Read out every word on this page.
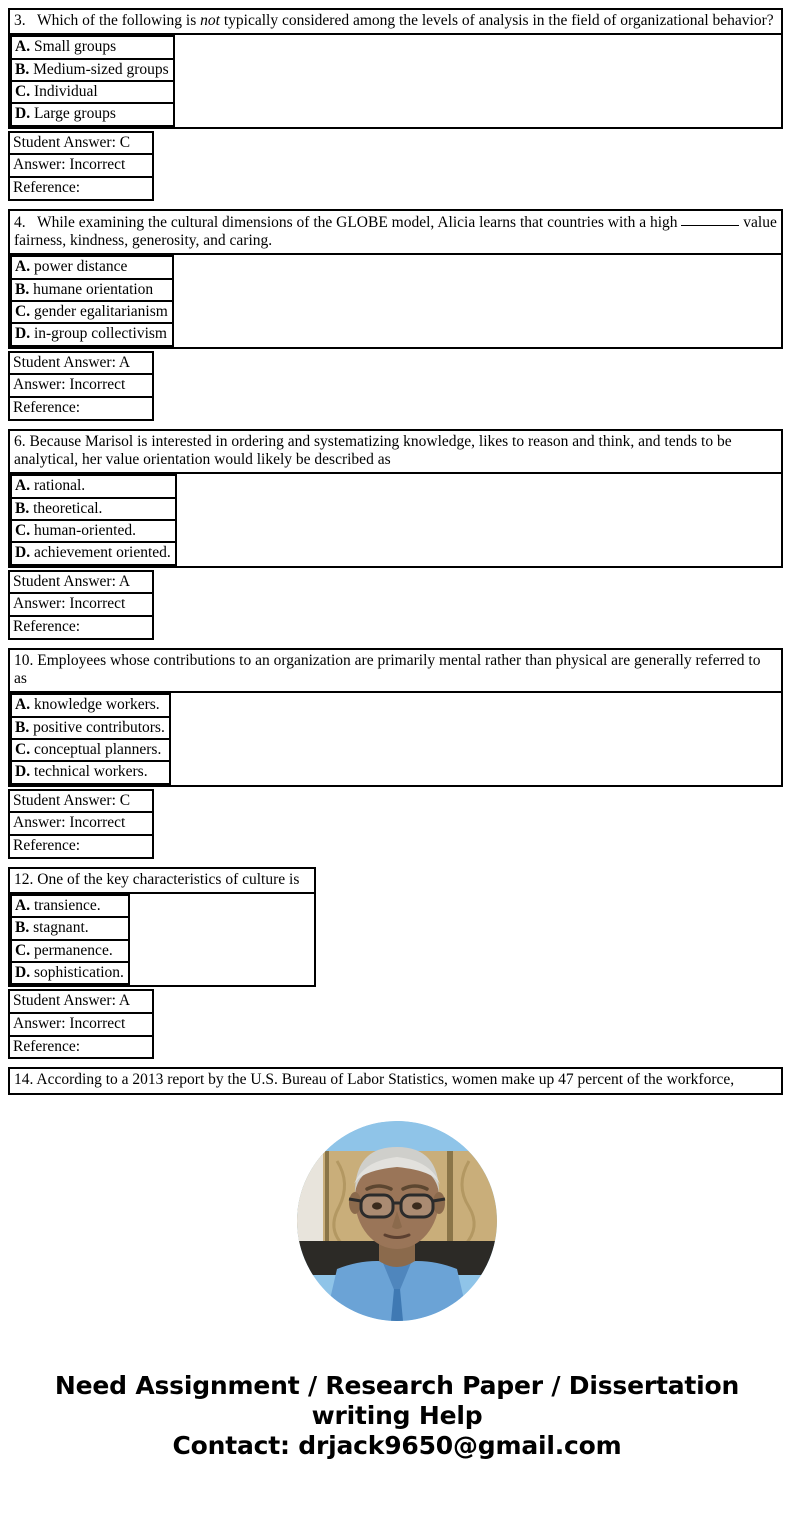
3. Which of the following is not typically considered among the levels of analysis in the field of organizational behavior?

A. Small groups
B. Medium-sized groups
C. Individual
D. Large groups
Student Answer: C
Answer: Incorrect
Reference:
4. While examining the cultural dimensions of the GLOBE model, Alicia learns that countries with a high	value fairness, kindness, generosity, and caring.

A. power distance
B. humane orientation
C. gender egalitarianism
D. in-group collectivism
Student Answer: A
Answer: Incorrect
Reference:
6. Because Marisol is interested in ordering and systematizing knowledge, likes to reason and think, and tends to be analytical, her value orientation would likely be described as

A. rational.
B. theoretical.
C. human-oriented.
D. achievement oriented.
Student Answer: A
Answer: Incorrect
Reference:
10. Employees whose contributions to an organization are primarily mental rather than physical are generally referred to as

A. knowledge workers.
B. positive contributors.
C. conceptual planners.
D. technical workers.
Student Answer: C
Answer: Incorrect
Reference:
12. One of the key characteristics of culture is

A. transience.
B. stagnant.
C. permanence.
D. sophistication.
Student Answer: A
Answer: Incorrect
Reference:
14. According to a 2013 report by the U.S. Bureau of Labor Statistics, women make up 47 percent of the workforce,
Need Assignment / Research Paper / Dissertation
writing Help
Contact: drjack9650@gmail.com
